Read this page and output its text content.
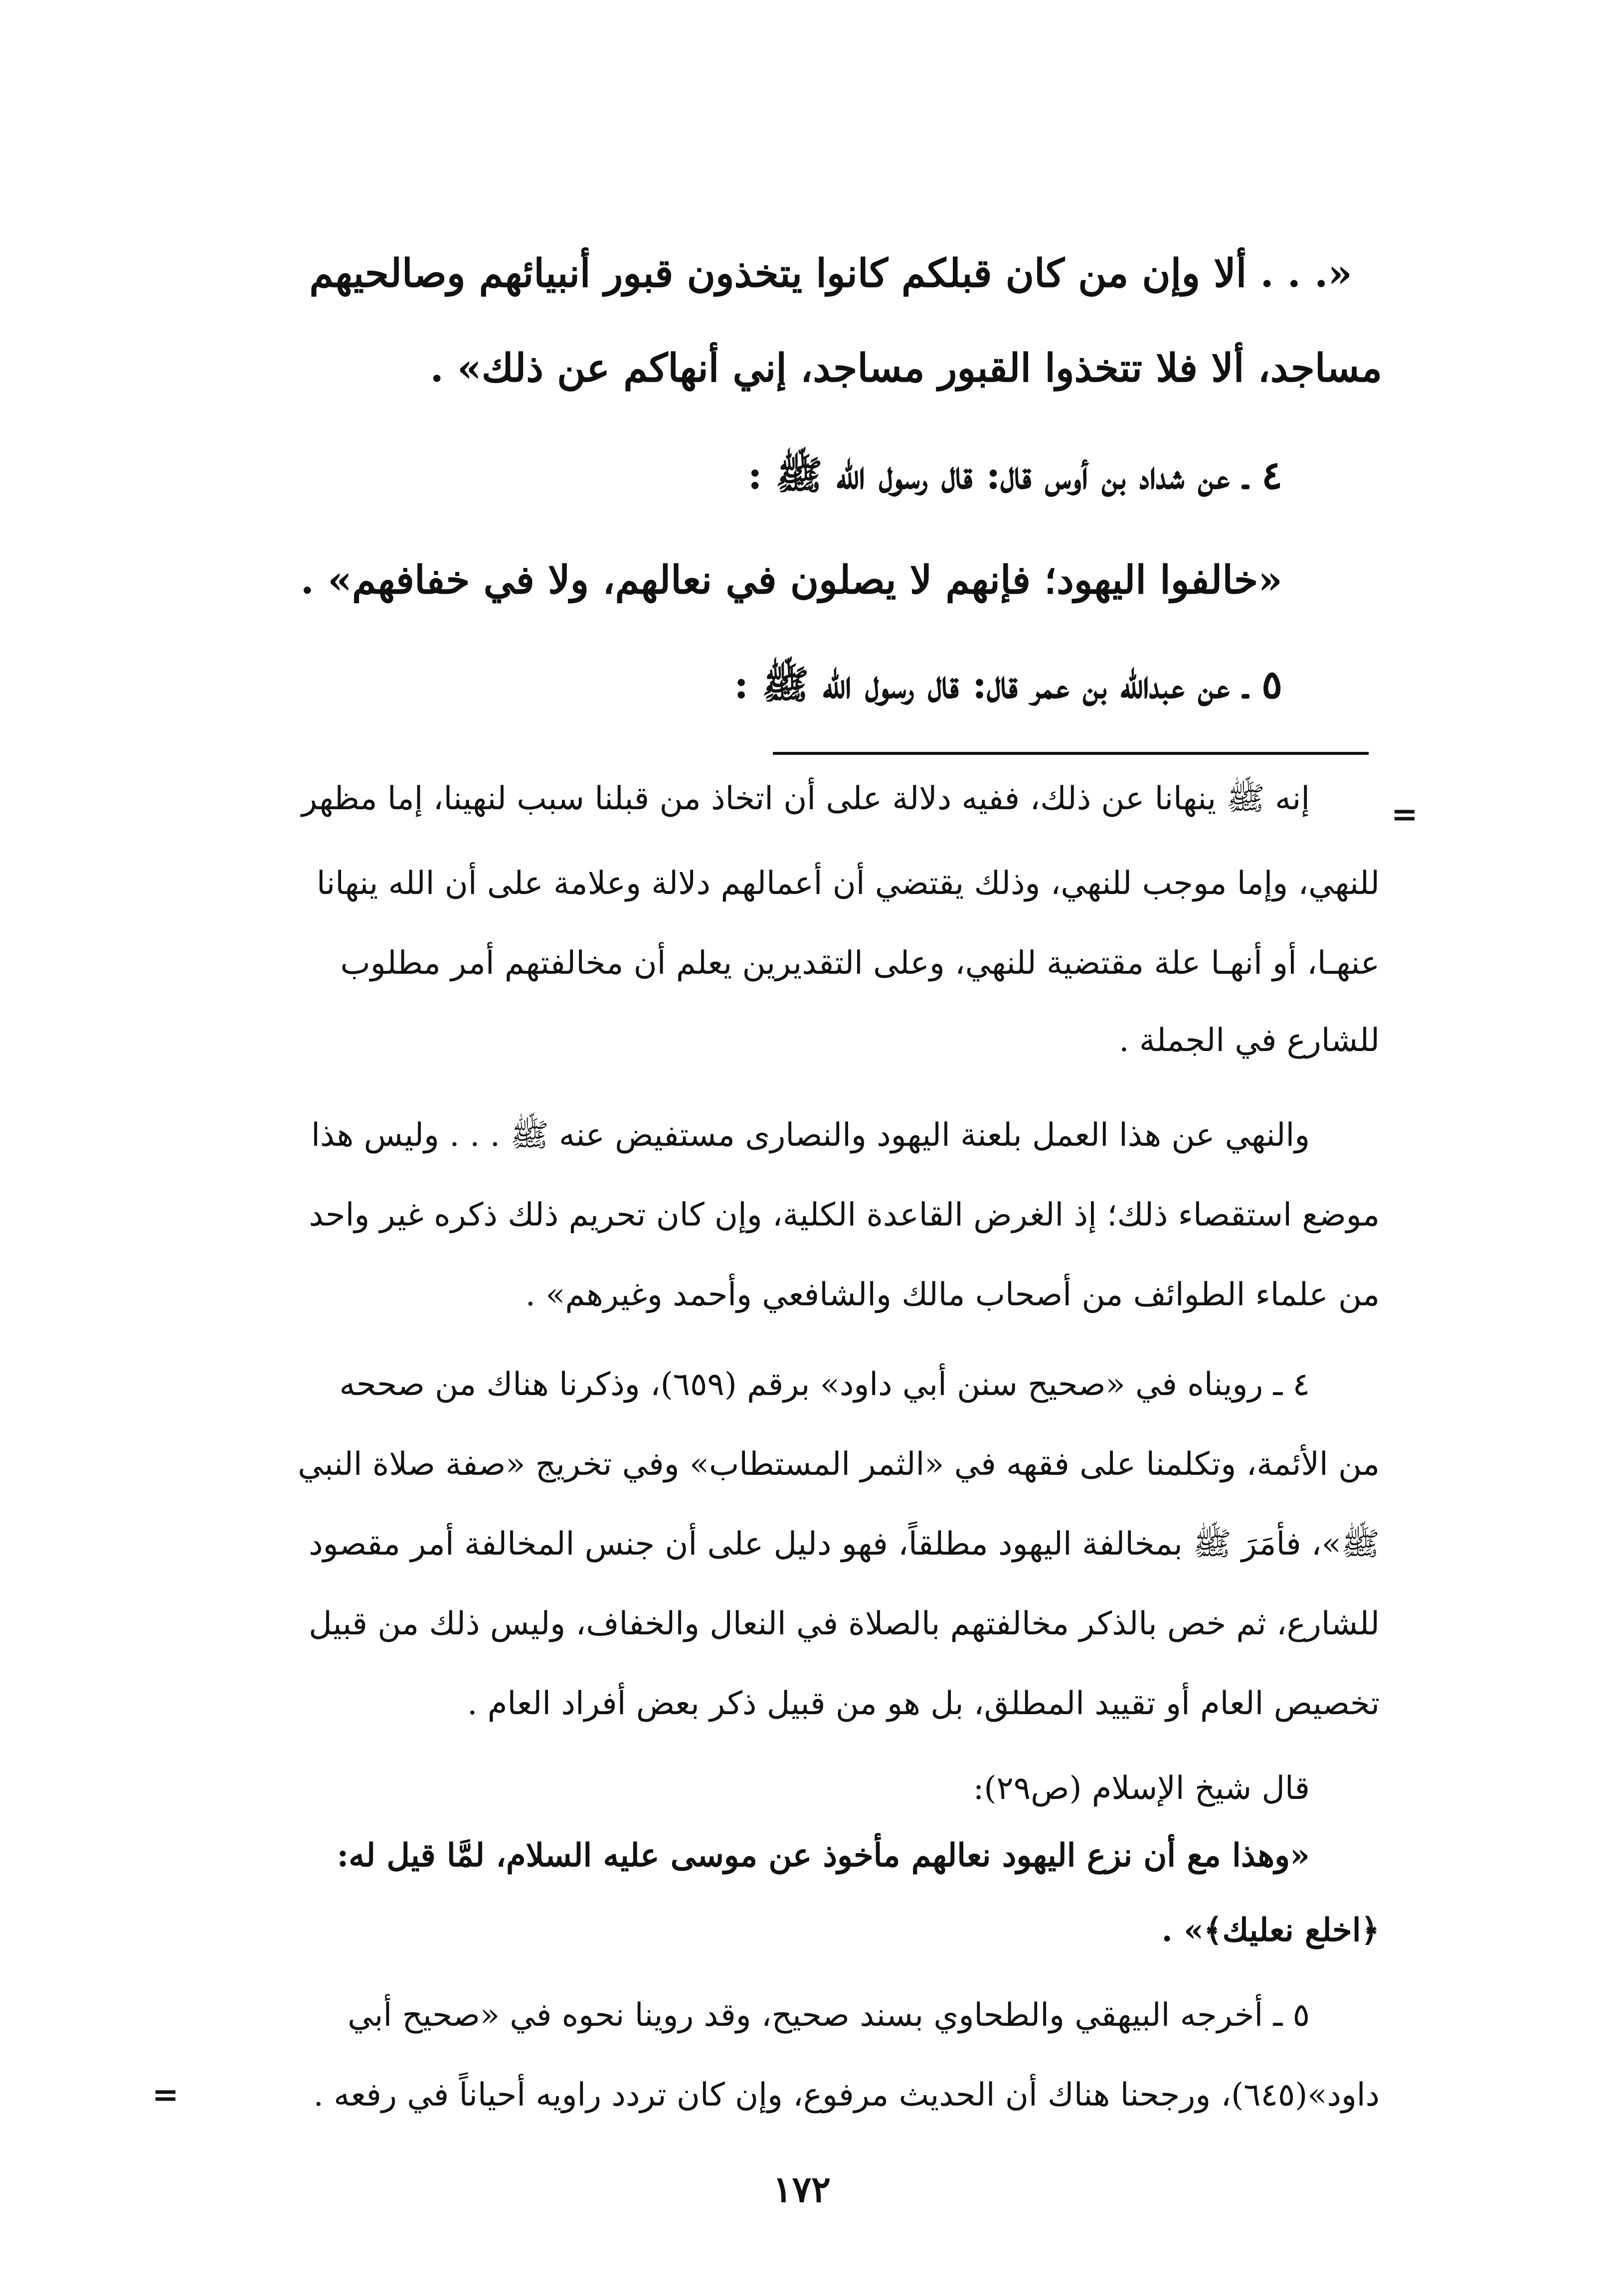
«. . . ألا وإن من كان قبلكم كانوا يتخذون قبور أنبيائهم وصالحيهم

مساجد، ألا فلا تتخذوا القبور مساجد، إني أنهاكم عن ذلك» .

٤ ـ عن شداد بن أوس قال: قال رسول الله ﷺ :

«خالفوا اليهود؛ فإنهم لا يصلون في نعالهم، ولا في خفافهم» .

٥ ـ عن عبدالله بن عمر قال: قال رسول الله ﷺ :

=

إنه ﷺ ينهانا عن ذلك، ففيه دلالة على أن اتخاذ من قبلنا سبب لنهينا، إما مظهر

للنهي، وإما موجب للنهي، وذلك يقتضي أن أعمالهم دلالة وعلامة على أن الله ينهانا

عنهـا، أو أنهـا علة مقتضية للنهي، وعلى التقديرين يعلم أن مخالفتهم أمر مطلوب

للشارع في الجملة .

والنهي عن هذا العمل بلعنة اليهود والنصارى مستفيض عنه ﷺ . . . وليس هذا

موضع استقصاء ذلك؛ إذ الغرض القاعدة الكلية، وإن كان تحريم ذلك ذكره غير واحد

من علماء الطوائف من أصحاب مالك والشافعي وأحمد وغيرهم» .

٤ ـ رويناه في «صحيح سنن أبي داود» برقم (٦٥٩)، وذكرنا هناك من صححه

من الأئمة، وتكلمنا على فقهه في «الثمر المستطاب» وفي تخريج «صفة صلاة النبي

ﷺ»، فأمَرَ ﷺ بمخالفة اليهود مطلقاً، فهو دليل على أن جنس المخالفة أمر مقصود

للشارع، ثم خص بالذكر مخالفتهم بالصلاة في النعال والخفاف، وليس ذلك من قبيل

تخصيص العام أو تقييد المطلق، بل هو من قبيل ذكر بعض أفراد العام .

قال شيخ الإسلام (ص٢٩):

«وهذا مع أن نزع اليهود نعالهم مأخوذ عن موسى عليه السلام، لمَّا قيل له:

﴿اخلع نعليك﴾» .

٥ ـ أخرجه البيهقي والطحاوي بسند صحيح، وقد روينا نحوه في «صحيح أبي

داود»(٦٤٥)، ورجحنا هناك أن الحديث مرفوع، وإن كان تردد راويه أحياناً في رفعه .

=

١٧٢
